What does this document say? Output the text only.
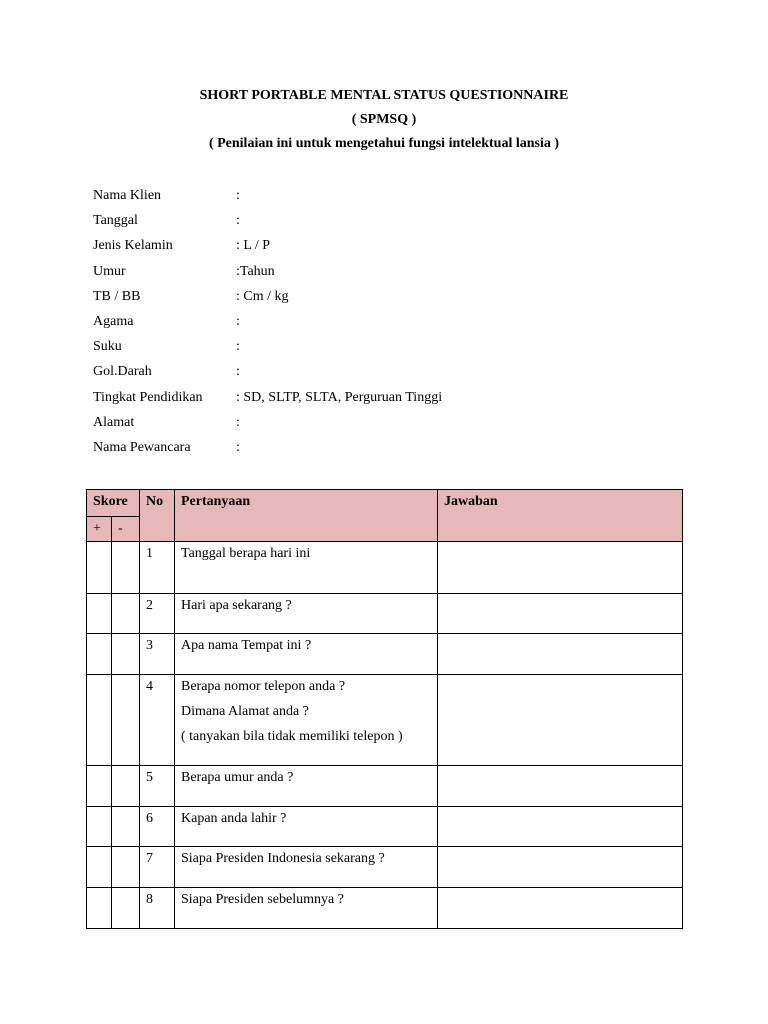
SHORT PORTABLE MENTAL STATUS QUESTIONNAIRE
( SPMSQ )
( Penilaian ini untuk mengetahui fungsi intelektual lansia )
Nama Klien	:
Tanggal	:
Jenis Kelamin	: L / P
Umur	:Tahun
TB / BB	: Cm / kg
Agama	:
Suku	:
Gol.Darah	:
Tingkat Pendidikan : SD, SLTP, SLTA, Perguruan Tinggi
Alamat	:
Nama Pewancara	:
Skore		No	Pertanyaan	Jawaban

+	-			

		1	Tanggal berapa hari ini	

		2	Hari apa sekarang ?	

		3	Apa nama Tempat ini ?	

		4	Berapa nomor telepon anda ?
Dimana Alamat anda ?
( tanyakan bila tidak memiliki telepon )	

		5	Berapa umur anda ?	

		6	Kapan anda lahir ?	

		7	Siapa Presiden Indonesia sekarang ?	

		8	Siapa Presiden sebelumnya ?	
